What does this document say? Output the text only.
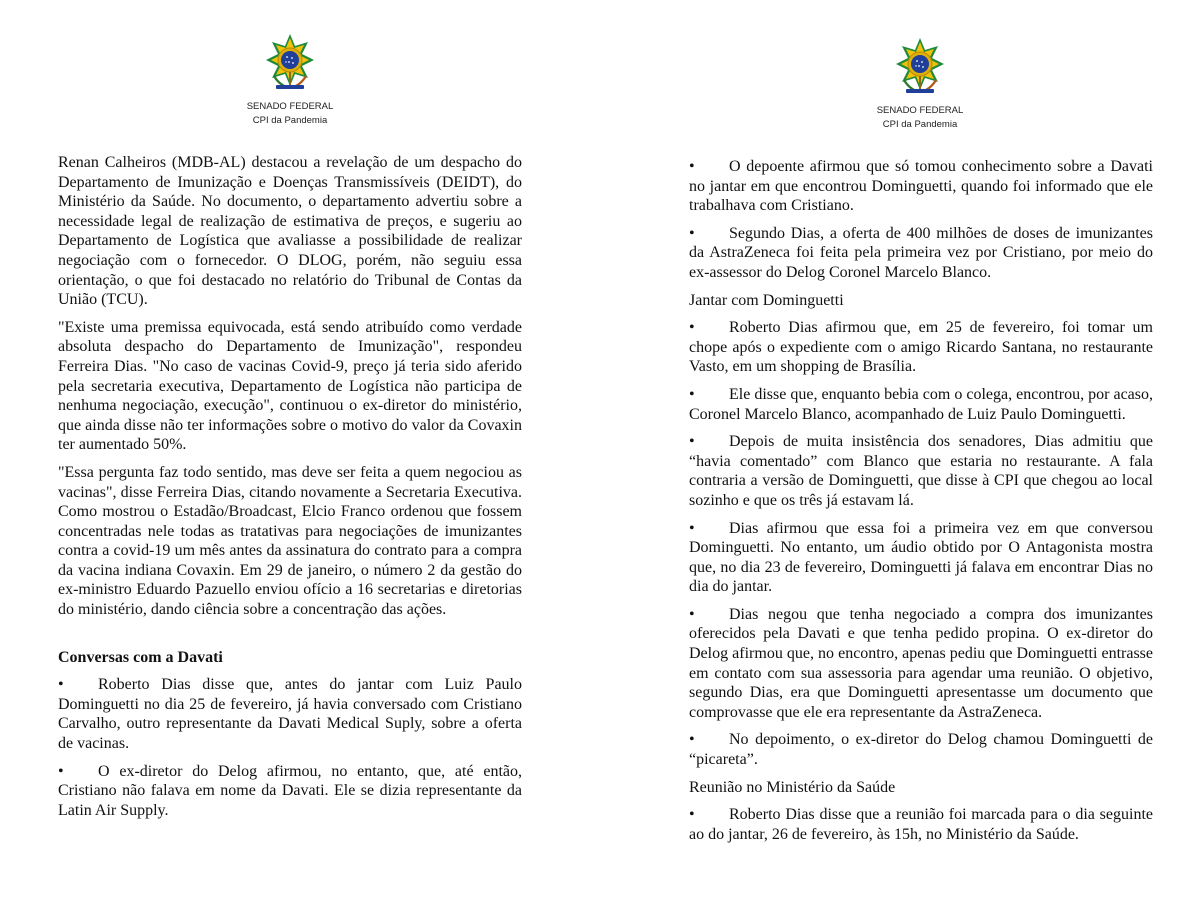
SENADO FEDERAL
CPI da Pandemia

Renan Calheiros (MDB-AL) destacou a revelação de um despacho do Departamento de Imunização e Doenças Transmissíveis (DEIDT), do Ministério da Saúde. No documento, o departamento advertiu sobre a necessidade legal de realização de estimativa de preços, e sugeriu ao Departamento de Logística que avaliasse a possibilidade de realizar negociação com o fornecedor. O DLOG, porém, não seguiu essa orientação, o que foi destacado no relatório do Tribunal de Contas da União (TCU).

"Existe uma premissa equivocada, está sendo atribuído como verdade absoluta despacho do Departamento de Imunização", respondeu Ferreira Dias. "No caso de vacinas Covid-9, preço já teria sido aferido pela secretaria executiva, Departamento de Logística não participa de nenhuma negociação, execução", continuou o ex-diretor do ministério, que ainda disse não ter informações sobre o motivo do valor da Covaxin ter aumentado 50%.

"Essa pergunta faz todo sentido, mas deve ser feita a quem negociou as vacinas", disse Ferreira Dias, citando novamente a Secretaria Executiva. Como mostrou o Estadão/Broadcast, Elcio Franco ordenou que fossem concentradas nele todas as tratativas para negociações de imunizantes contra a covid-19 um mês antes da assinatura do contrato para a compra da vacina indiana Covaxin. Em 29 de janeiro, o número 2 da gestão do ex-ministro Eduardo Pazuello enviou ofício a 16 secretarias e diretorias do ministério, dando ciência sobre a concentração das ações.

Conversas com a Davati

• Roberto Dias disse que, antes do jantar com Luiz Paulo Dominguetti no dia 25 de fevereiro, já havia conversado com Cristiano Carvalho, outro representante da Davati Medical Suply, sobre a oferta de vacinas.

• O ex-diretor do Delog afirmou, no entanto, que, até então, Cristiano não falava em nome da Davati. Ele se dizia representante da Latin Air Supply.

SENADO FEDERAL
CPI da Pandemia

• O depoente afirmou que só tomou conhecimento sobre a Davati no jantar em que encontrou Dominguetti, quando foi informado que ele trabalhava com Cristiano.

• Segundo Dias, a oferta de 400 milhões de doses de imunizantes da AstraZeneca foi feita pela primeira vez por Cristiano, por meio do ex-assessor do Delog Coronel Marcelo Blanco.

Jantar com Dominguetti

• Roberto Dias afirmou que, em 25 de fevereiro, foi tomar um chope após o expediente com o amigo Ricardo Santana, no restaurante Vasto, em um shopping de Brasília.

• Ele disse que, enquanto bebia com o colega, encontrou, por acaso, Coronel Marcelo Blanco, acompanhado de Luiz Paulo Dominguetti.

• Depois de muita insistência dos senadores, Dias admitiu que “havia comentado” com Blanco que estaria no restaurante. A fala contraria a versão de Dominguetti, que disse à CPI que chegou ao local sozinho e que os três já estavam lá.

• Dias afirmou que essa foi a primeira vez em que conversou Dominguetti. No entanto, um áudio obtido por O Antagonista mostra que, no dia 23 de fevereiro, Dominguetti já falava em encontrar Dias no dia do jantar.

• Dias negou que tenha negociado a compra dos imunizantes oferecidos pela Davati e que tenha pedido propina. O ex-diretor do Delog afirmou que, no encontro, apenas pediu que Dominguetti entrasse em contato com sua assessoria para agendar uma reunião. O objetivo, segundo Dias, era que Dominguetti apresentasse um documento que comprovasse que ele era representante da AstraZeneca.

• No depoimento, o ex-diretor do Delog chamou Dominguetti de “picareta”.

Reunião no Ministério da Saúde

• Roberto Dias disse que a reunião foi marcada para o dia seguinte ao do jantar, 26 de fevereiro, às 15h, no Ministério da Saúde.
